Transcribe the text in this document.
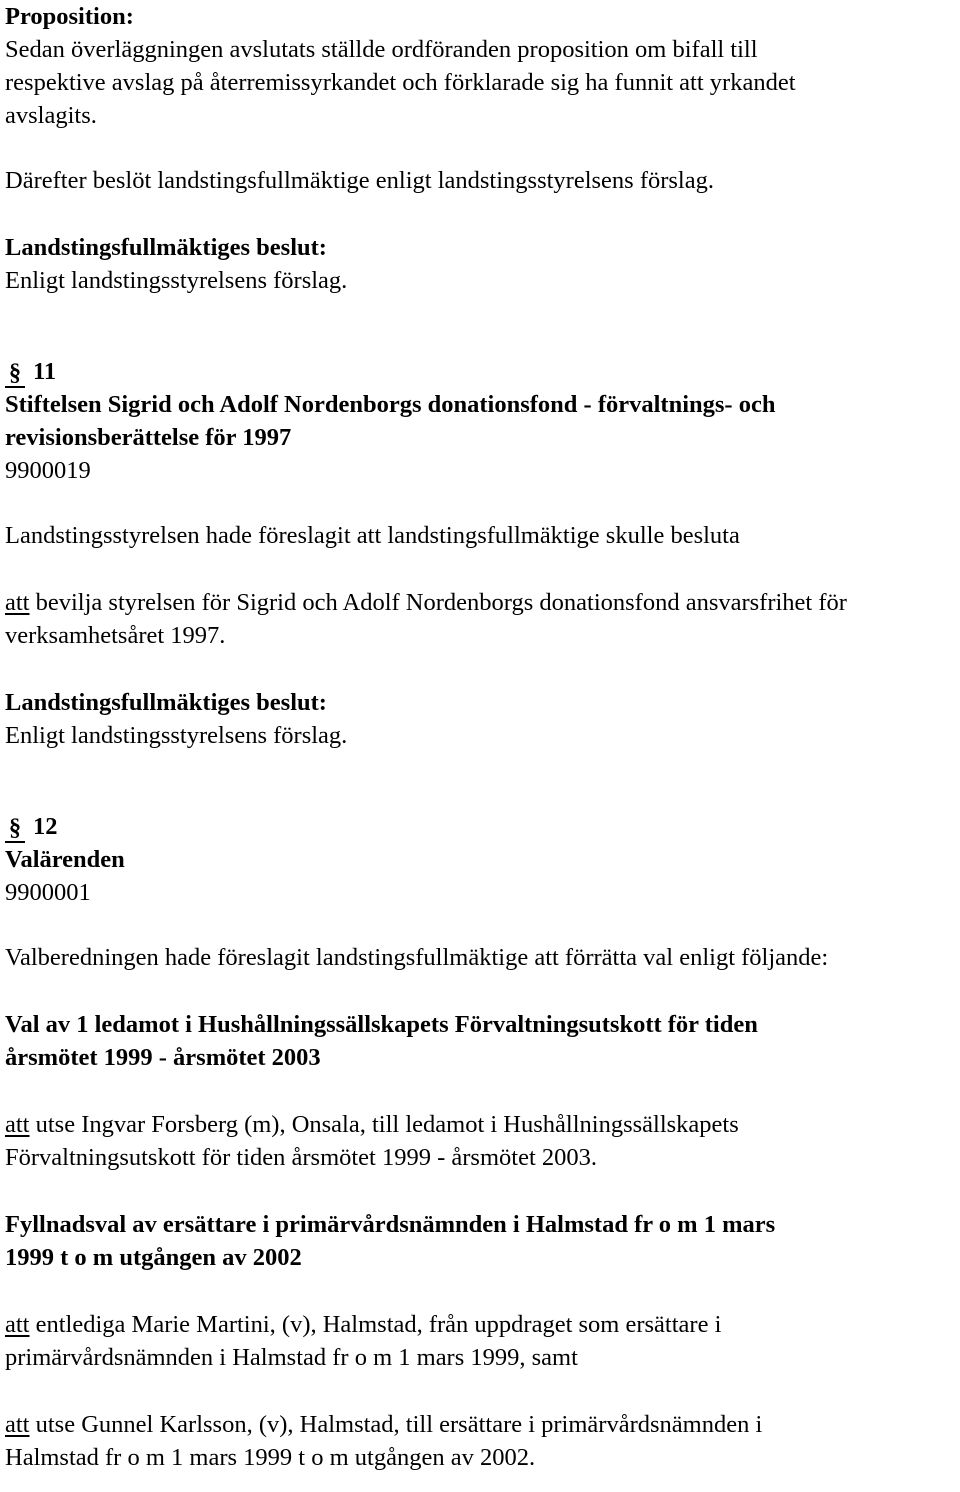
Proposition:

Sedan överläggningen avslutats ställde ordföranden proposition om bifall till

respektive avslag på återremissyrkandet och förklarade sig ha funnit att yrkandet

avslagits.

Därefter beslöt landstingsfullmäktige enligt landstingsstyrelsens förslag.

Landstingsfullmäktiges beslut:

Enligt landstingsstyrelsens förslag.

§ 11

Stiftelsen Sigrid och Adolf Nordenborgs donationsfond - förvaltnings- och

revisionsberättelse för 1997

9900019

Landstingsstyrelsen hade föreslagit att landstingsfullmäktige skulle besluta

att bevilja styrelsen för Sigrid och Adolf Nordenborgs donationsfond ansvarsfrihet för

verksamhetsåret 1997.

Landstingsfullmäktiges beslut:

Enligt landstingsstyrelsens förslag.

§ 12

Valärenden

9900001

Valberedningen hade föreslagit landstingsfullmäktige att förrätta val enligt följande:

Val av 1 ledamot i Hushållningssällskapets Förvaltningsutskott för tiden

årsmötet 1999 - årsmötet 2003

att utse Ingvar Forsberg (m), Onsala, till ledamot i Hushållningssällskapets

Förvaltningsutskott för tiden årsmötet 1999 - årsmötet 2003.

Fyllnadsval av ersättare i primärvårdsnämnden i Halmstad fr o m 1 mars

1999 t o m utgången av 2002

att entlediga Marie Martini, (v), Halmstad, från uppdraget som ersättare i

primärvårdsnämnden i Halmstad fr o m 1 mars 1999, samt

att utse Gunnel Karlsson, (v), Halmstad, till ersättare i primärvårdsnämnden i

Halmstad fr o m 1 mars 1999 t o m utgången av 2002.
